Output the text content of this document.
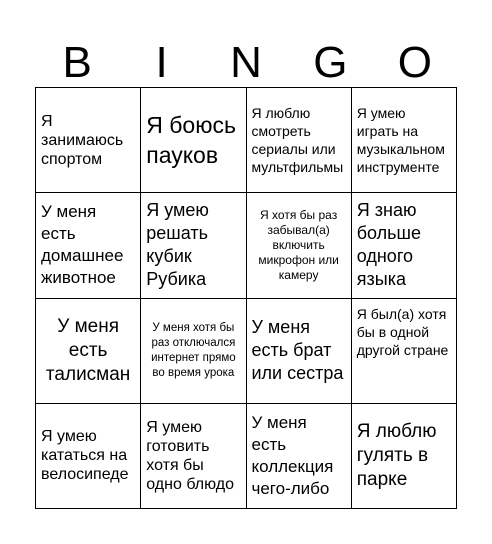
B	I	N	G	O
Я занимаюсь спортом
Я боюсь пауков
Я люблю смотреть сериалы или мультфильмы
Я умею играть на музыкальном инструменте
У меня есть домашнее животное
Я умею решать кубик Рубика
Я хотя бы раз забывал(а) включить микрофон или камеру
Я знаю больше одного языка
У меня есть талисман
У меня хотя бы раз отключался интернет прямо во время урока
У меня есть брат или сестра
Я был(а) хотя бы в одной другой стране
Я умею кататься на велосипеде
Я умею готовить хотя бы одно блюдо
У меня есть коллекция чего-либо
Я люблю гулять в парке
